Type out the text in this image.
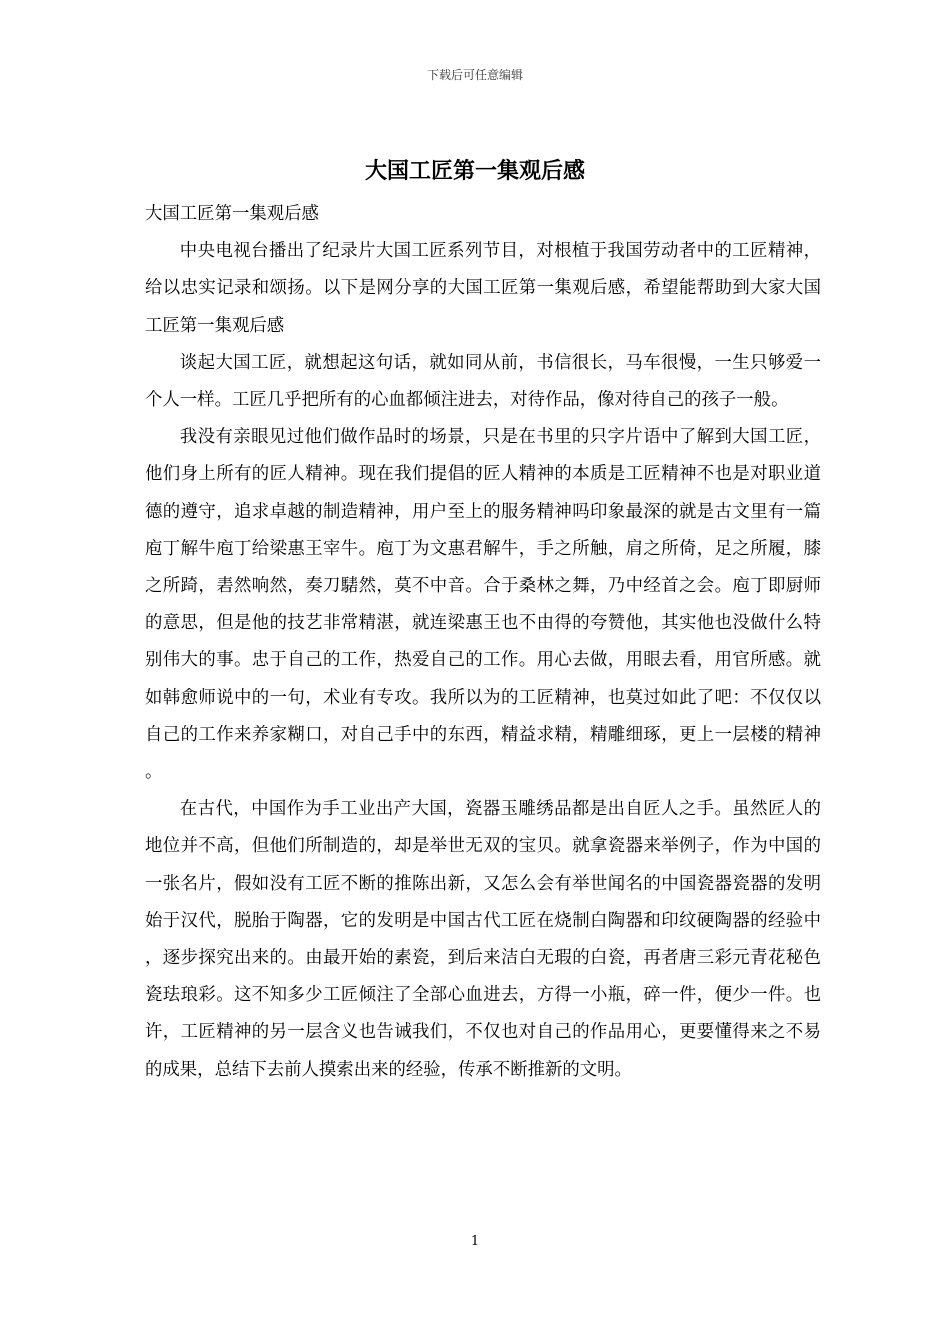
下载后可任意编辑
大国工匠第一集观后感

大国工匠第一集观后感

中央电视台播出了纪录片大国工匠系列节目，对根植于我国劳动者中的工匠精神，给以忠实记录和颂扬。以下是网分享的大国工匠第一集观后感，希望能帮助到大家大国工匠第一集观后感

谈起大国工匠，就想起这句话，就如同从前，书信很长，马车很慢，一生只够爱一个人一样。工匠几乎把所有的心血都倾注进去，对待作品，像对待自己的孩子一般。

我没有亲眼见过他们做作品时的场景，只是在书里的只字片语中了解到大国工匠，他们身上所有的匠人精神。现在我们提倡的匠人精神的本质是工匠精神不也是对职业道德的遵守，追求卓越的制造精神，用户至上的服务精神吗印象最深的就是古文里有一篇庖丁解牛庖丁给梁惠王宰牛。庖丁为文惠君解牛，手之所触，肩之所倚，足之所履，膝之所踦，砉然响然，奏刀騞然，莫不中音。合于桑林之舞，乃中经首之会。庖丁即厨师的意思，但是他的技艺非常精湛，就连梁惠王也不由得的夸赞他，其实他也没做什么特别伟大的事。忠于自己的工作，热爱自己的工作。用心去做，用眼去看，用官所感。就如韩愈师说中的一句，术业有专攻。我所以为的工匠精神，也莫过如此了吧：不仅仅以自己的工作来养家糊口，对自己手中的东西，精益求精，精雕细琢，更上一层楼的精神。

在古代，中国作为手工业出产大国，瓷器玉雕绣品都是出自匠人之手。虽然匠人的地位并不高，但他们所制造的，却是举世无双的宝贝。就拿瓷器来举例子，作为中国的一张名片，假如没有工匠不断的推陈出新，又怎么会有举世闻名的中国瓷器瓷器的发明始于汉代，脱胎于陶器，它的发明是中国古代工匠在烧制白陶器和印纹硬陶器的经验中，逐步探究出来的。由最开始的素瓷，到后来洁白无瑕的白瓷，再者唐三彩元青花秘色瓷珐琅彩。这不知多少工匠倾注了全部心血进去，方得一小瓶，碎一件，便少一件。也许，工匠精神的另一层含义也告诫我们，不仅也对自己的作品用心，更要懂得来之不易的成果，总结下去前人摸索出来的经验，传承不断推新的文明。

1
